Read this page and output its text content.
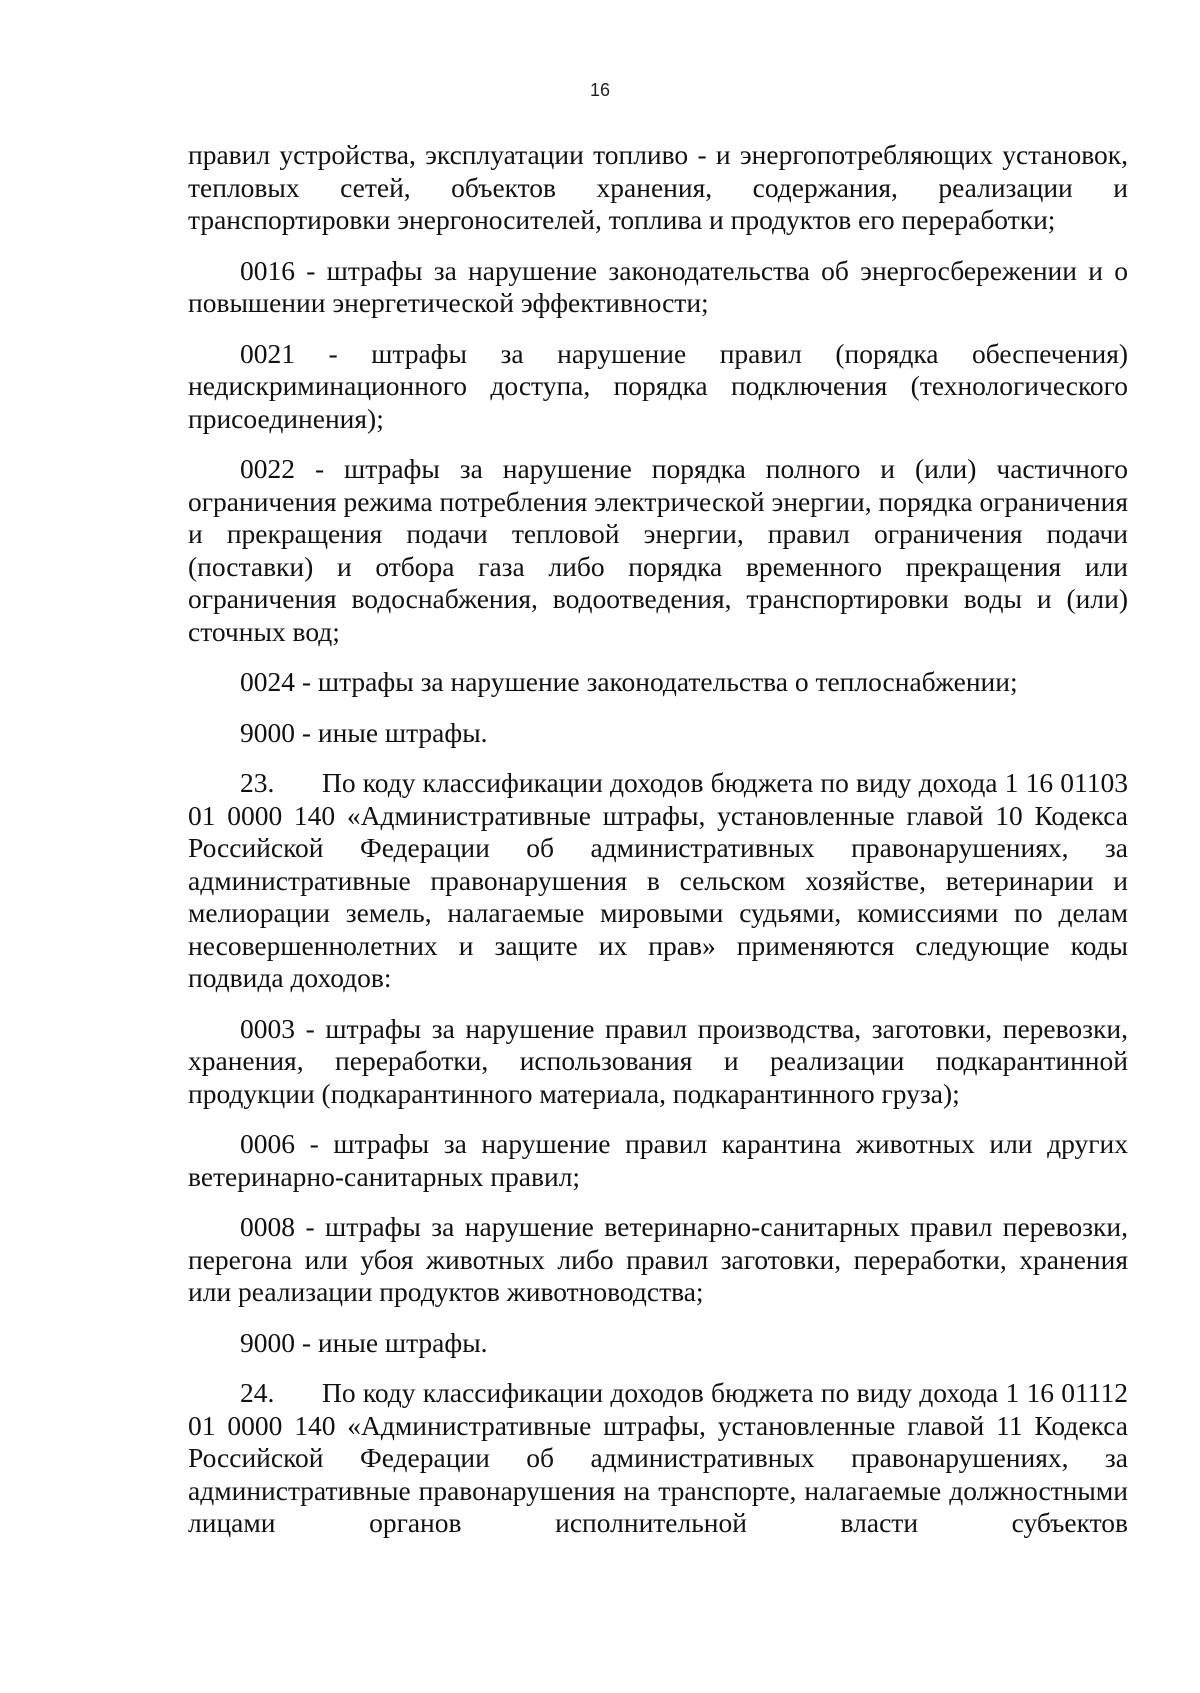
16

правил устройства, эксплуатации топливо - и энергопотребляющих установок, тепловых сетей, объектов хранения, содержания, реализации и транспортировки энергоносителей, топлива и продуктов его переработки;

0016 - штрафы за нарушение законодательства об энергосбережении и о повышении энергетической эффективности;

0021 - штрафы за нарушение правил (порядка обеспечения) недискриминационного доступа, порядка подключения (технологического присоединения);

0022 - штрафы за нарушение порядка полного и (или) частичного ограничения режима потребления электрической энергии, порядка ограничения и прекращения подачи тепловой энергии, правил ограничения подачи (поставки) и отбора газа либо порядка временного прекращения или ограничения водоснабжения, водоотведения, транспортировки воды и (или) сточных вод;

0024 - штрафы за нарушение законодательства о теплоснабжении;

9000 - иные штрафы.

23. По коду классификации доходов бюджета по виду дохода 1 16 01103 01 0000 140 «Административные штрафы, установленные главой 10 Кодекса Российской Федерации об административных правонарушениях, за административные правонарушения в сельском хозяйстве, ветеринарии и мелиорации земель, налагаемые мировыми судьями, комиссиями по делам несовершеннолетних и защите их прав» применяются следующие коды подвида доходов:

0003 - штрафы за нарушение правил производства, заготовки, перевозки, хранения, переработки, использования и реализации подкарантинной продукции (подкарантинного материала, подкарантинного груза);

0006 - штрафы за нарушение правил карантина животных или других ветеринарно-санитарных правил;

0008 - штрафы за нарушение ветеринарно-санитарных правил перевозки, перегона или убоя животных либо правил заготовки, переработки, хранения или реализации продуктов животноводства;

9000 - иные штрафы.

24. По коду классификации доходов бюджета по виду дохода 1 16 01112 01 0000 140 «Административные штрафы, установленные главой 11 Кодекса Российской Федерации об административных правонарушениях, за административные правонарушения на транспорте, налагаемые должностными лицами органов исполнительной власти субъектов
